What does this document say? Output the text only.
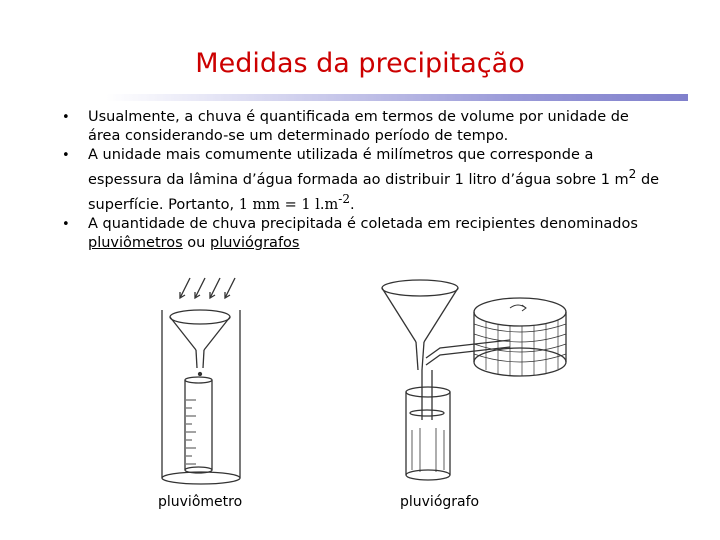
Medidas da precipitação
• Usualmente, a chuva é quantificada em termos de volume por unidade de área considerando-se um determinado período de tempo.
• A unidade mais comumente utilizada é milímetros que corresponde a espessura da lâmina d’água formada ao distribuir 1 litro d’água sobre 1 $m^2$ de superfície. Portanto, 1 mm = 1 $l.m^{-2}$.
• A quantidade de chuva precipitada é coletada em recipientes denominados pluviômetros ou pluviógrafos
pluviômetro	pluviógrafo
